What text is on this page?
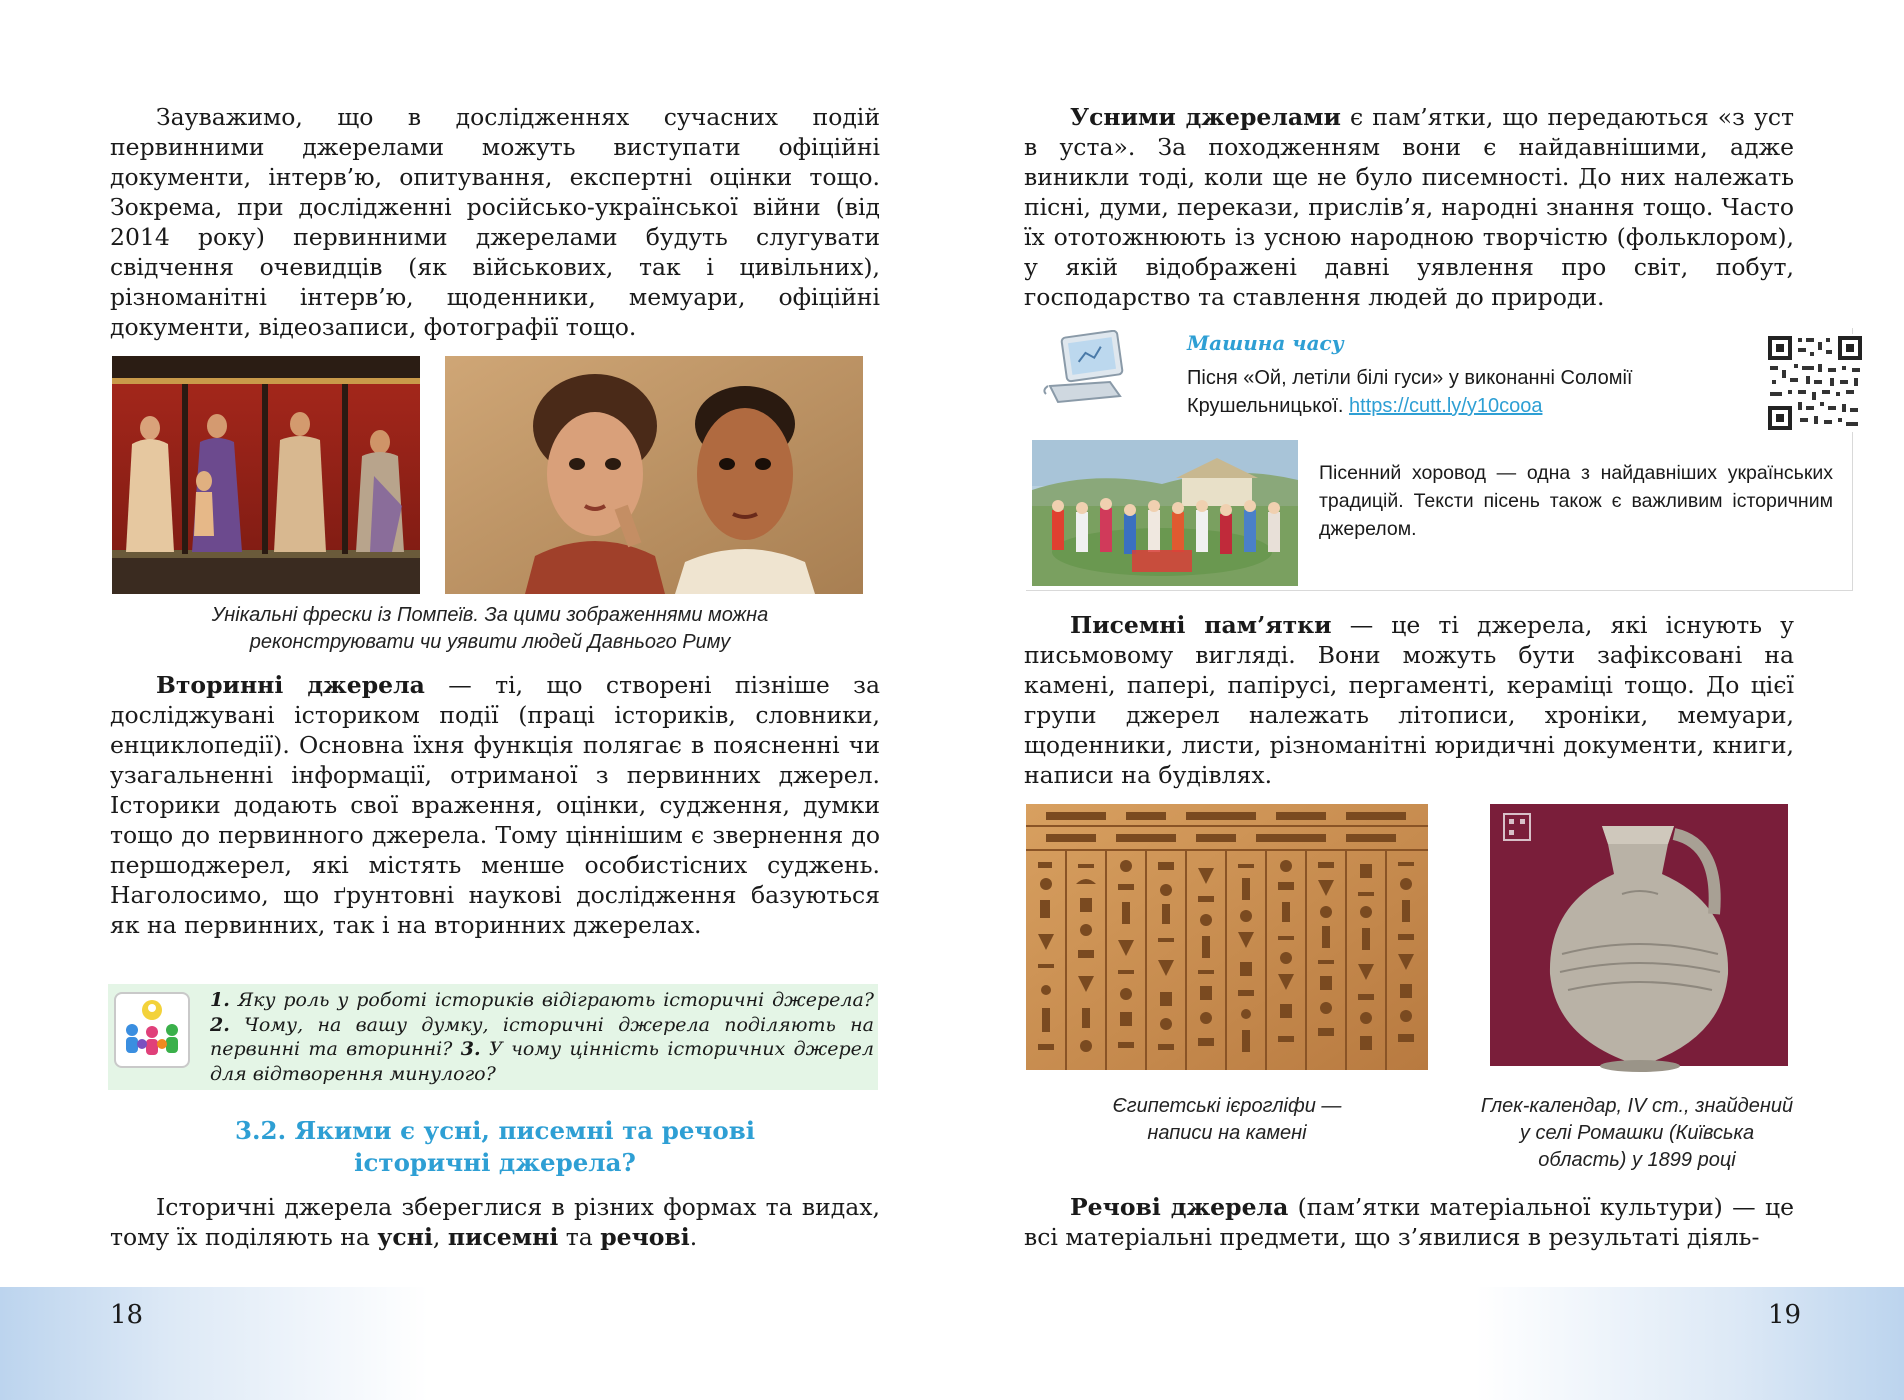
Зауважимо, що в дослідженнях сучасних подій первинними джерелами можуть виступати офіційні документи, інтерв’ю, опитування, експертні оцінки тощо. Зокрема, при дослідженні російсько-української війни (від 2014 року) первинними джерелами будуть слугувати свідчення очевидців (як військових, так і цивільних), різноманітні інтерв’ю, щоденники, мемуари, офіційні документи, відеозаписи, фотографії тощо.

Унікальні фрески із Помпеїв. За цими зображеннями можна реконструювати чи уявити людей Давнього Риму

Вторинні джерела — ті, що створені пізніше за досліджувані істориком події (праці істориків, словники, енциклопедії). Основна їхня функція полягає в поясненні чи узагальненні інформації, отриманої з первинних джерел. Історики додають свої враження, оцінки, судження, думки тощо до первинного джерела. Тому ціннішим є звернення до першоджерел, які містять менше особистісних суджень. Наголосимо, що ґрунтовні наукові дослідження базуються як на первинних, так і на вторинних джерелах.

1. Яку роль у роботі істориків відіграють історичні джерела? 2. Чому, на вашу думку, історичні джерела поділяють на первинні та вторинні? 3. У чому цінність історичних джерел для відтворення минулого?

3.2. Якими є усні, писемні та речові
історичні джерела?

Історичні джерела збереглися в різних формах та видах, тому їх поділяють на усні, писемні та речові.

18

Усними джерелами є пам’ятки, що передаються «з уст в уста». За походженням вони є найдавнішими, адже виникли тоді, коли ще не було писемності. До них належать пісні, думи, перекази, прислів’я, народні знання тощо. Часто їх ототожнюють із усною народною творчістю (фольклором), у якій відображені давні уявлення про світ, побут, господарство та ставлення людей до природи.

Машина часу

Пісня «Ой, летіли білі гуси» у виконанні Соломії Крушельницької. https://cutt.ly/y10cooa

Пісенний хоровод — одна з найдавніших українських традицій. Тексти пісень також є важливим історичним джерелом.

Писемні пам’ятки — це ті джерела, які існують у письмовому вигляді. Вони можуть бути зафіксовані на камені, папері, папірусі, пергаменті, кераміці тощо. До цієї групи джерел належать літописи, хроніки, мемуари, щоденники, листи, різноманітні юридичні документи, книги, написи на будівлях.

Єгипетські ієрогліфи —
написи на камені

Глек-календар, IV ст., знайдений
у селі Ромашки (Київська
область) у 1899 році

Речові джерела (пам’ятки матеріальної культури) — це всі матеріальні предмети, що з’явилися в результаті діяль-

19
